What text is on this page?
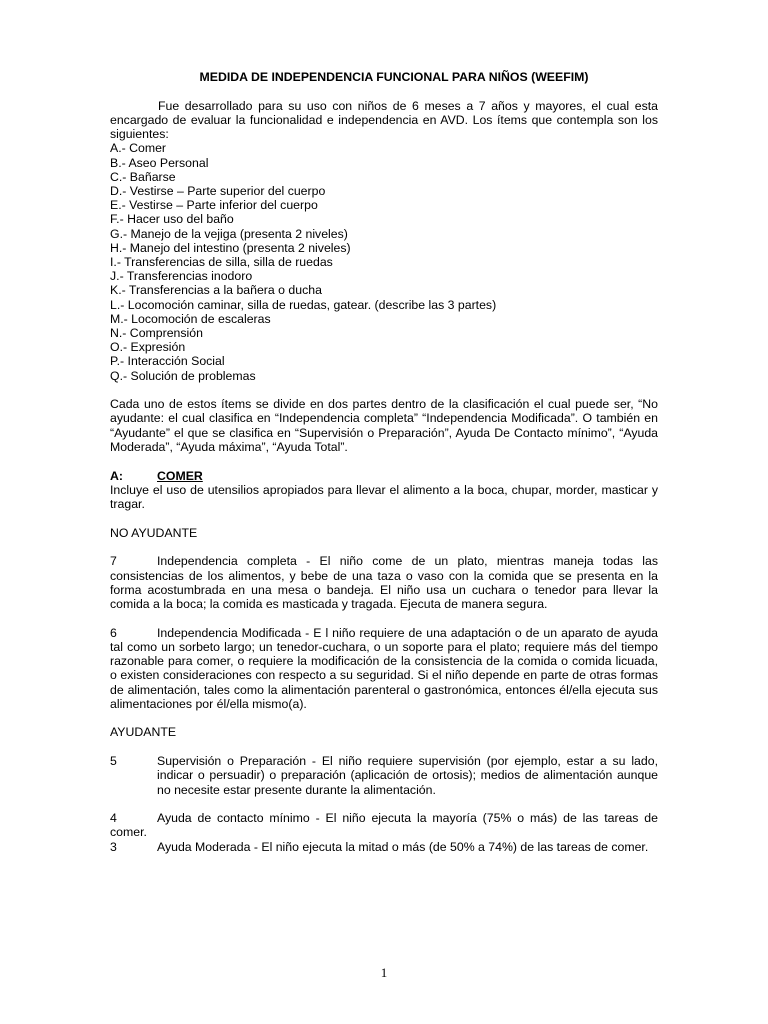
MEDIDA DE INDEPENDENCIA FUNCIONAL PARA NIÑOS (WEEFIM)

Fue desarrollado para su uso con niños de 6 meses a 7 años y mayores, el cual esta encargado de evaluar la funcionalidad e independencia en AVD. Los ítems que contempla son los siguientes:

A.- Comer
B.- Aseo Personal
C.- Bañarse
D.- Vestirse – Parte superior del cuerpo
E.- Vestirse – Parte inferior del cuerpo
F.- Hacer uso del baño
G.- Manejo de la vejiga (presenta 2 niveles)
H.- Manejo del intestino (presenta 2 niveles)
I.- Transferencias de silla, silla de ruedas
J.- Transferencias inodoro
K.- Transferencias a la bañera o ducha
L.- Locomoción caminar, silla de ruedas, gatear. (describe las 3 partes)
M.- Locomoción de escaleras
N.- Comprensión
O.- Expresión
P.- Interacción Social
Q.- Solución de problemas

Cada uno de estos ítems se divide en dos partes dentro de la clasificación el cual puede ser, “No ayudante: el cual clasifica en “Independencia completa” “Independencia Modificada”. O también en “Ayudante” el que se clasifica en “Supervisión o Preparación”, Ayuda De Contacto mínimo”, “Ayuda Moderada”, “Ayuda máxima”, “Ayuda Total”.

A:	COMER
Incluye el uso de utensilios apropiados para llevar el alimento a la boca, chupar, morder, masticar y tragar.
NO AYUDANTE
7	Independencia completa - El niño come de un plato, mientras maneja todas las consistencias de los alimentos, y bebe de una taza o vaso con la comida que se presenta en la forma acostumbrada en una mesa o bandeja. El niño usa un cuchara o tenedor para llevar la comida a la boca; la comida es masticada y tragada. Ejecuta de manera segura.
6	Independencia Modificada - E l niño requiere de una adaptación o de un aparato de ayuda tal como un sorbeto largo; un tenedor-cuchara, o un soporte para el plato; requiere más del tiempo razonable para comer, o requiere la modificación de la consistencia de la comida o comida licuada, o existen consideraciones con respecto a su seguridad. Si el niño depende en parte de otras formas de alimentación, tales como la alimentación parenteral o gastronómica, entonces él/ella ejecuta sus alimentaciones por él/ella mismo(a).
AYUDANTE
5	Supervisión o Preparación - El niño requiere supervisión (por ejemplo, estar a su lado, indicar o persuadir) o preparación (aplicación de ortosis); medios de alimentación aunque no necesite estar presente durante la alimentación.
4	Ayuda de contacto mínimo - El niño ejecuta la mayoría (75% o más) de las tareas de comer.
3	Ayuda Moderada - El niño ejecuta la mitad o más (de 50% a 74%) de las tareas de comer.
1
